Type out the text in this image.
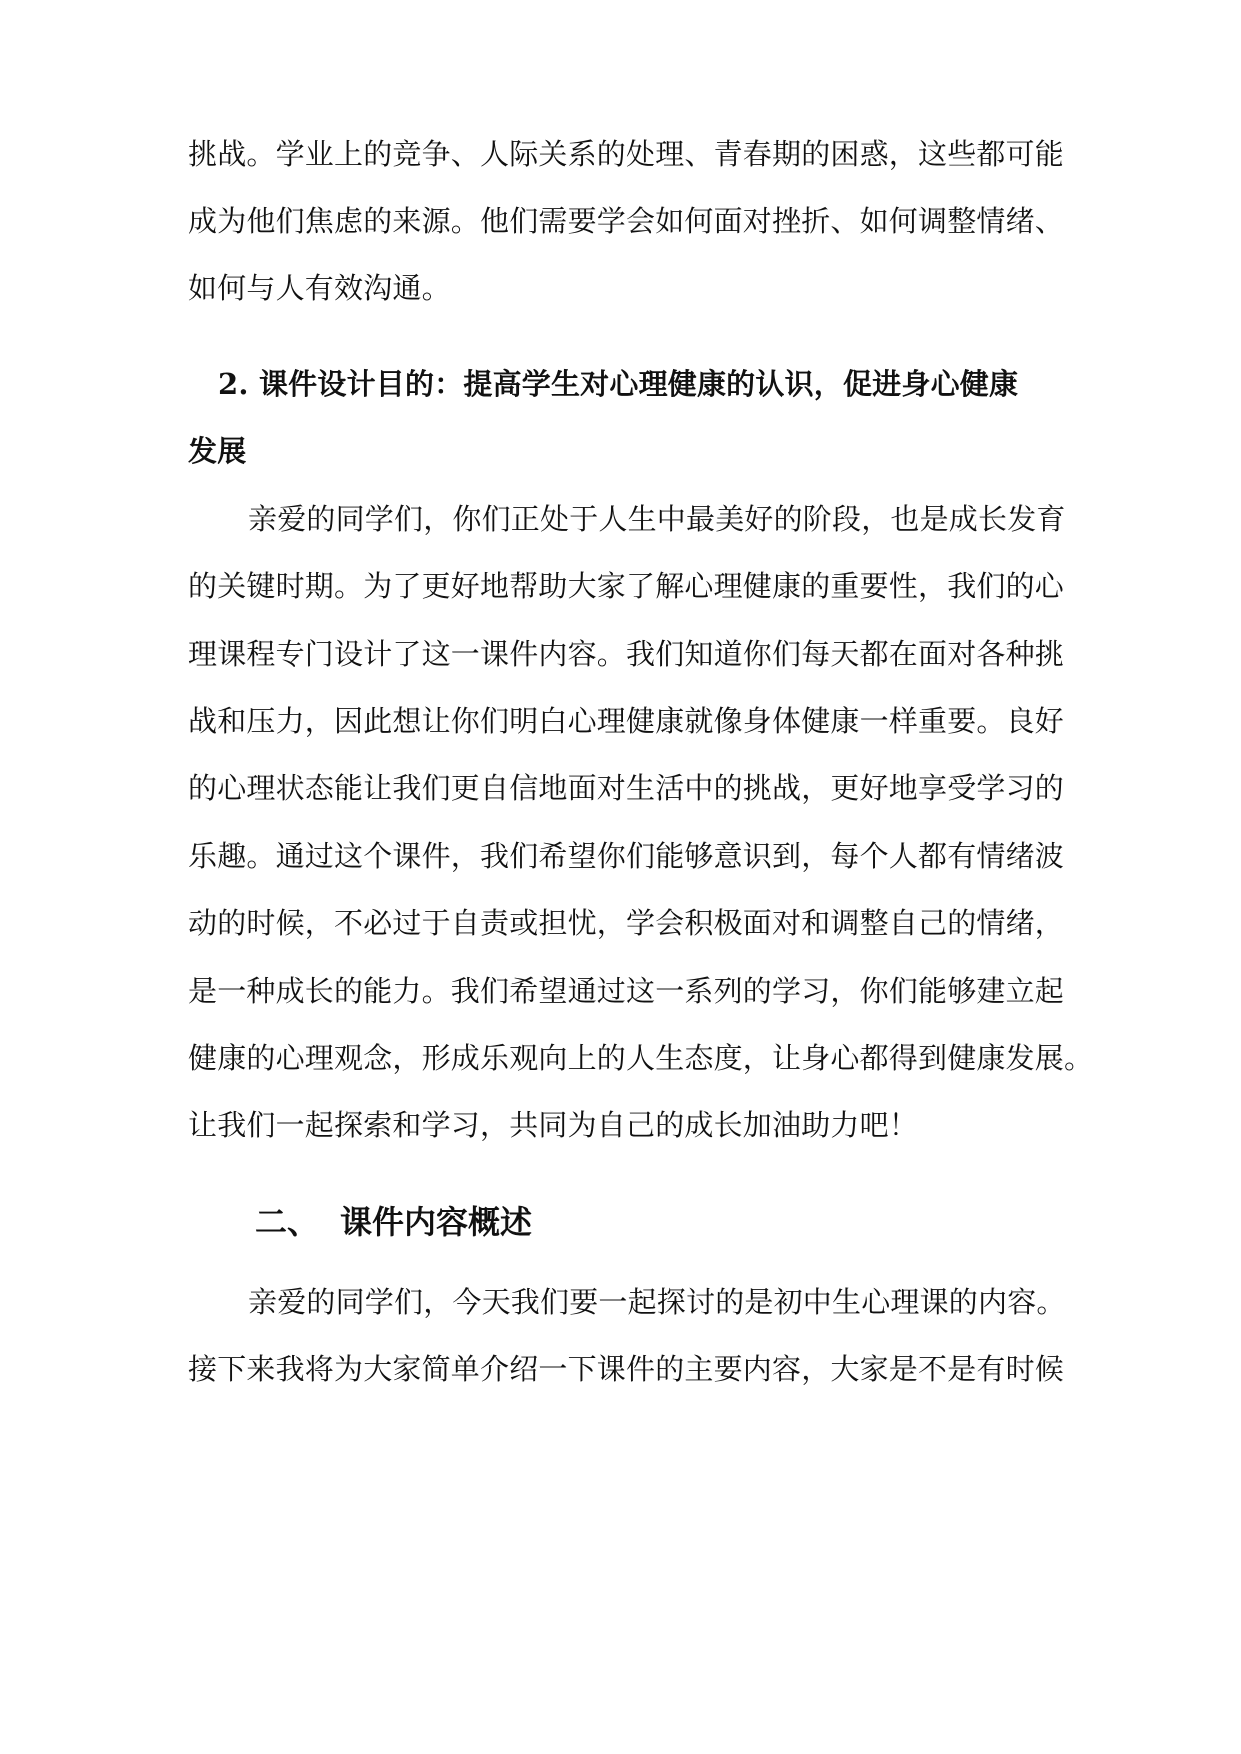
挑战。学业上的竞争、人际关系的处理、青春期的困惑，这些都可能
成为他们焦虑的来源。他们需要学会如何面对挫折、如何调整情绪、
如何与人有效沟通。
2. 课件设计目的：提高学生对心理健康的认识，促进身心健康
发展
亲爱的同学们，你们正处于人生中最美好的阶段，也是成长发育
的关键时期。为了更好地帮助大家了解心理健康的重要性，我们的心
理课程专门设计了这一课件内容。我们知道你们每天都在面对各种挑
战和压力，因此想让你们明白心理健康就像身体健康一样重要。良好
的心理状态能让我们更自信地面对生活中的挑战，更好地享受学习的
乐趣。通过这个课件，我们希望你们能够意识到，每个人都有情绪波
动的时候，不必过于自责或担忧，学会积极面对和调整自己的情绪，
是一种成长的能力。我们希望通过这一系列的学习，你们能够建立起
健康的心理观念，形成乐观向上的人生态度，让身心都得到健康发展。
让我们一起探索和学习，共同为自己的成长加油助力吧！
二、 课件内容概述
亲爱的同学们，今天我们要一起探讨的是初中生心理课的内容。
接下来我将为大家简单介绍一下课件的主要内容，大家是不是有时候
